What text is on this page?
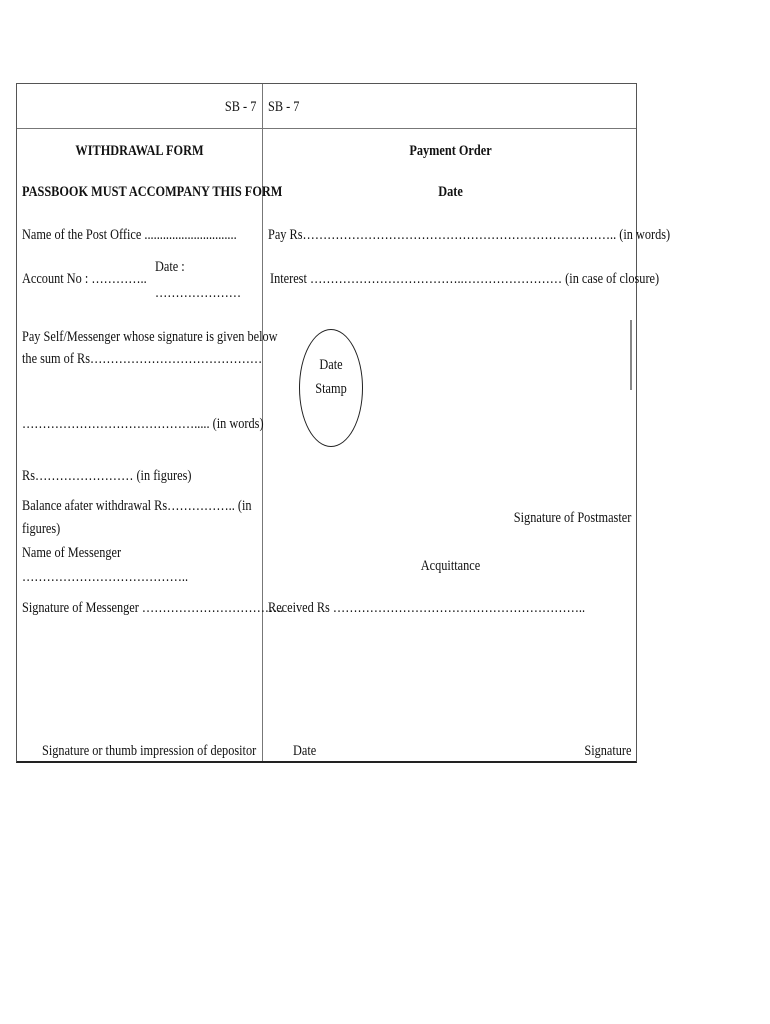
SB - 7 SB - 7
WITHDRAWAL FORM
PASSBOOK MUST ACCOMPANY THIS FORM
Name of the Post Office ..............................
Account No : …………..
Date :
…………………
Pay Self/Messenger whose signature is given below
the sum of Rs……………………………………
……………………………………..... (in words)
Rs…………………… (in figures)
Balance afater withdrawal Rs…………….. (in
figures)
Name of Messenger
…………………………………..
Signature of Messenger ……………………………..
Signature or thumb impression of depositor
Payment Order
Date
Pay Rs………………………………………………………………….. (in words)
Interest ………………………………..…………………… (in case of closure)
Date
Stamp
Signature of Postmaster
Acquittance
Received Rs ……………………………………………………..
Date	Signature
